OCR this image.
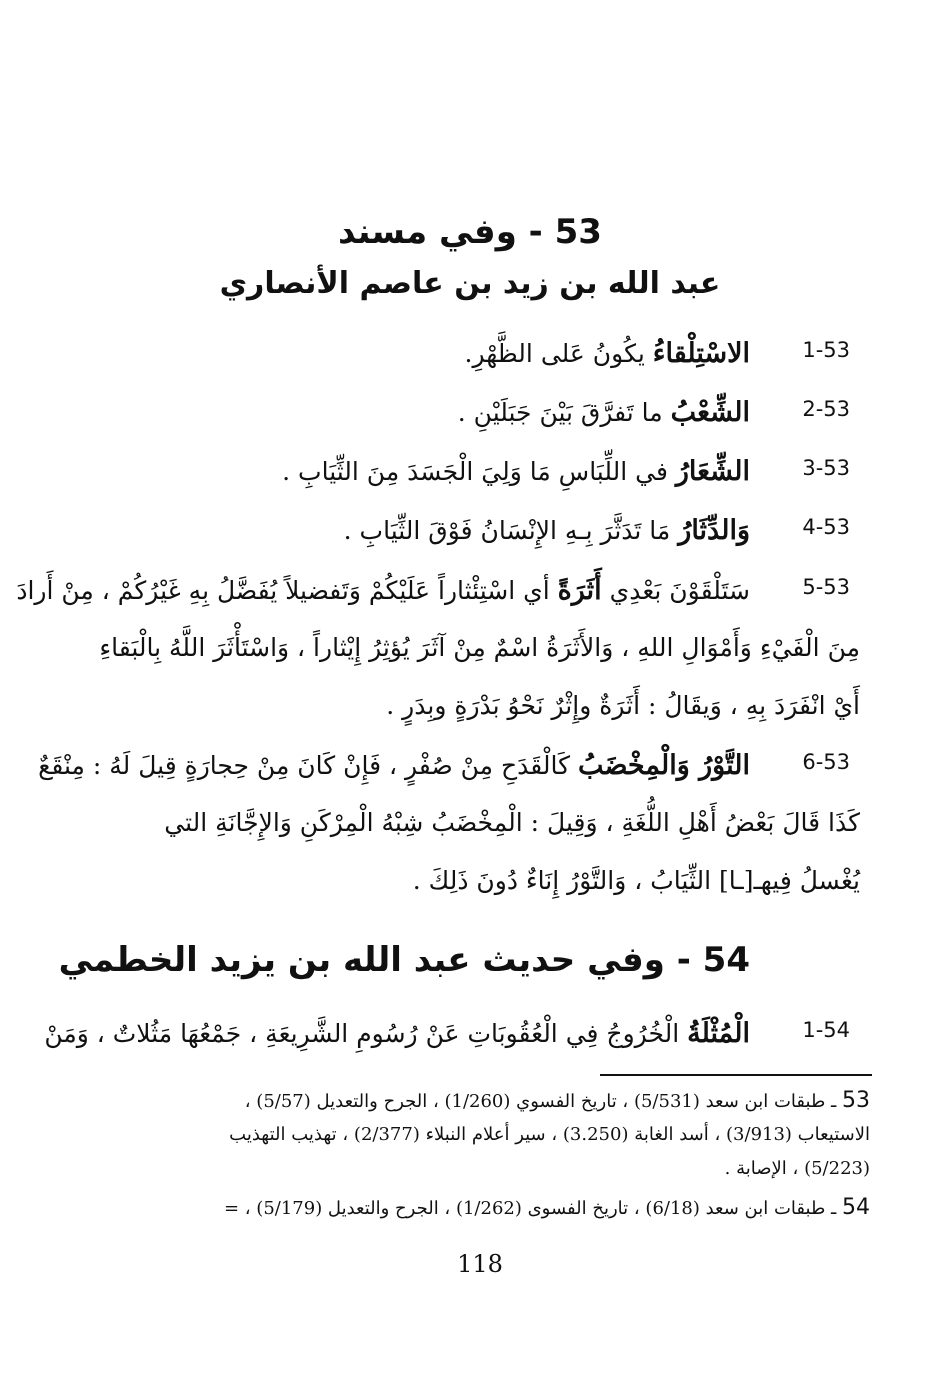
53 - وفي مسند
عبد الله بن زيد بن عاصم الأنصاري
1-53
الاسْتِلْقاءُ يكُونُ عَلى الظَّهْرِ.
2-53
الشِّعْبُ ما تَفرَّقَ بَيْنَ جَبَلَيْنِ .
3-53
الشِّعَارُ في اللِّبَاسِ مَا وَلِيَ الْجَسَدَ مِنَ الثِّيَابِ .
4-53
وَالدِّثَارُ مَا تَدَثَّرَ بِـهِ الإِنْسَانُ فَوْقَ الثِّيَابِ .
5-53
سَتَلْقَوْنَ بَعْدِي أَثَرَةً أي اسْتِئْثاراً عَلَيْكُمْ وَتَفضيلاً يُفَضَّلُ بِهِ غَيْرُكُمْ ، مِنْ أَرادَ
مِنَ الْفَيْءِ وَأَمْوَالِ اللهِ ، وَالأَثَرَةُ اسْمٌ مِنْ آثَرَ يُؤثِرُ إِيْثاراً ، وَاسْتَأْثَرَ اللَّهُ بِالْبَقاءِ
أَيْ انْفَرَدَ بِهِ ، وَيقَالُ : أَثَرَةٌ وإِثْرٌ نَحْوُ بَدْرَةٍ وبِدَرٍ .
6-53
التَّوْرُ وَالْمِخْضَبُ كَالْقَدَحِ مِنْ صُفْرٍ ، فَإِنْ كَانَ مِنْ حِجارَةٍ قِيلَ لَهُ : مِنْقَعٌ
كَذَا قَالَ بَعْضُ أَهْلِ اللُّغَةِ ، وَقِيلَ : الْمِخْضَبُ شِبْهُ الْمِرْكَنِ وَالإِجَّانَةِ التي
يُغْسلُ فِيهـ[ـا] الثِّيَابُ ، وَالتَّوْرُ إِنَاءٌ دُونَ ذَلِكَ .
54 - وفي حديث عبد الله بن يزيد الخطمي
1-54
الْمُثْلَةُ الْخُرُوجُ فِي الْعُقُوبَاتِ عَنْ رُسُومِ الشَّرِيعَةِ ، جَمْعُهَا مَثُلاتٌ ، وَمَنْ
53 ـ طبقات ابن سعد (5/531) ، تاريخ الفسوي (1/260) ، الجرح والتعديل (5/57) ،
الاستيعاب (3/913) ، أسد الغابة (3.250) ، سير أعلام النبلاء (2/377) ، تهذيب التهذيب
(5/223) ، الإصابة .
54 ـ طبقات ابن سعد (6/18) ، تاريخ الفسوى (1/262) ، الجرح والتعديل (5/179) ، =
118
